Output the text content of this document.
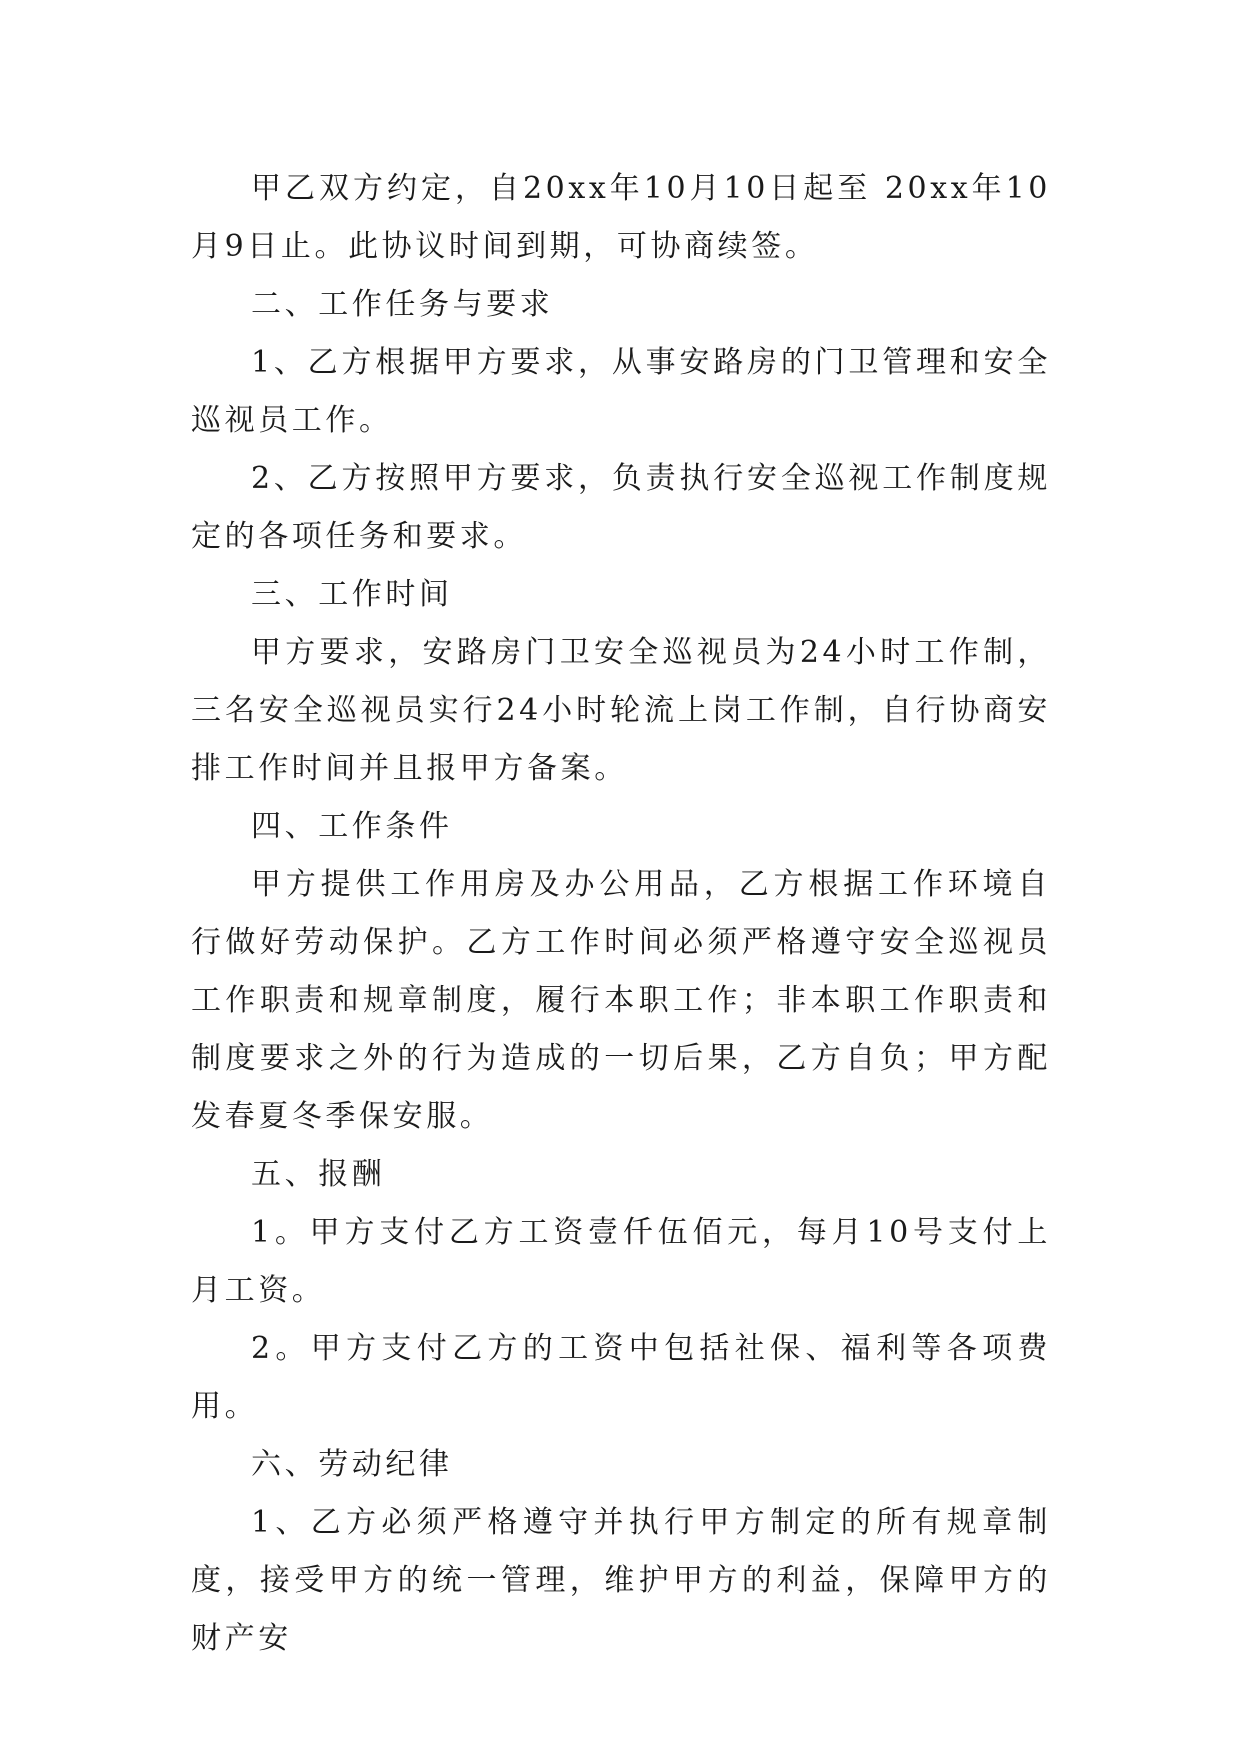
甲乙双方约定，自20xx年10月10日起至 20xx年10月9日止。此协议时间到期，可协商续签。

二、工作任务与要求

1、乙方根据甲方要求，从事安路房的门卫管理和安全巡视员工作。

2、乙方按照甲方要求，负责执行安全巡视工作制度规定的各项任务和要求。

三、工作时间

甲方要求，安路房门卫安全巡视员为24小时工作制，三名安全巡视员实行24小时轮流上岗工作制，自行协商安排工作时间并且报甲方备案。

四、工作条件

甲方提供工作用房及办公用品，乙方根据工作环境自行做好劳动保护。乙方工作时间必须严格遵守安全巡视员工作职责和规章制度，履行本职工作；非本职工作职责和制度要求之外的行为造成的一切后果，乙方自负；甲方配发春夏冬季保安服。

五、报酬

1。甲方支付乙方工资壹仟伍佰元，每月10号支付上月工资。

2。甲方支付乙方的工资中包括社保、福利等各项费用。

六、劳动纪律

1、乙方必须严格遵守并执行甲方制定的所有规章制度，接受甲方的统一管理，维护甲方的利益，保障甲方的财产安
